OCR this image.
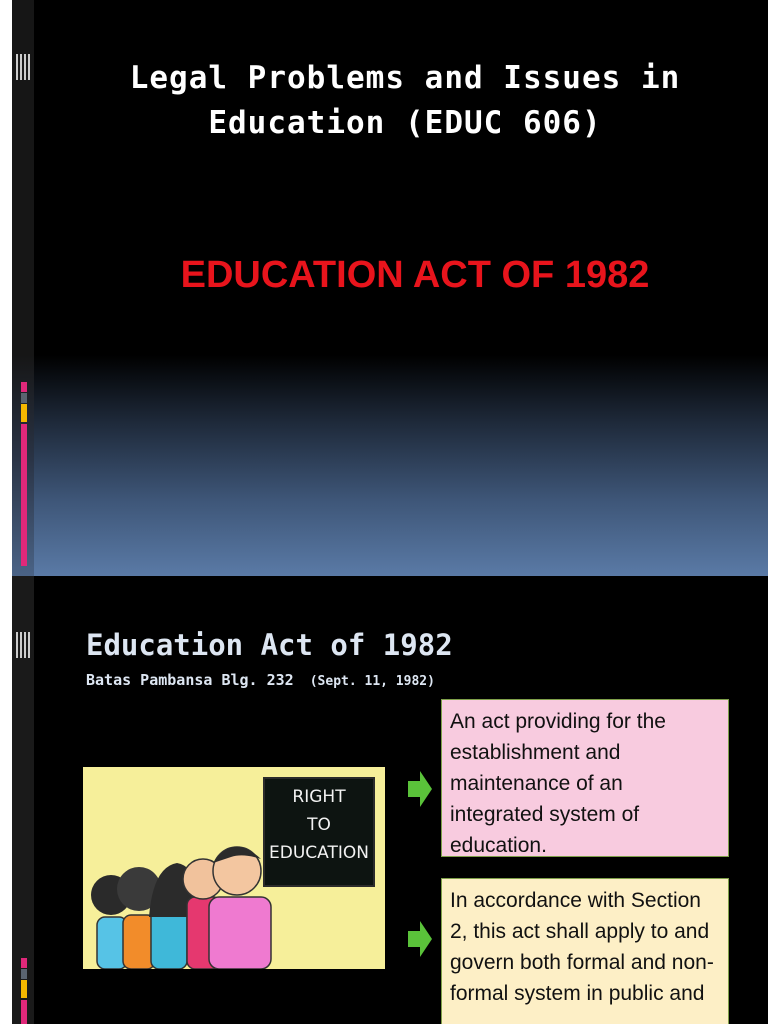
Legal Problems and Issues in
Education (EDUC 606)
EDUCATION ACT OF 1982
Education Act of 1982
Batas Pambansa Blg. 232 (Sept. 11, 1982)
RIGHT
TO
EDUCATION
An act providing for the establishment and maintenance of an integrated system of education.
In accordance with Section 2, this act shall apply to and govern both formal and non-formal system in public and
